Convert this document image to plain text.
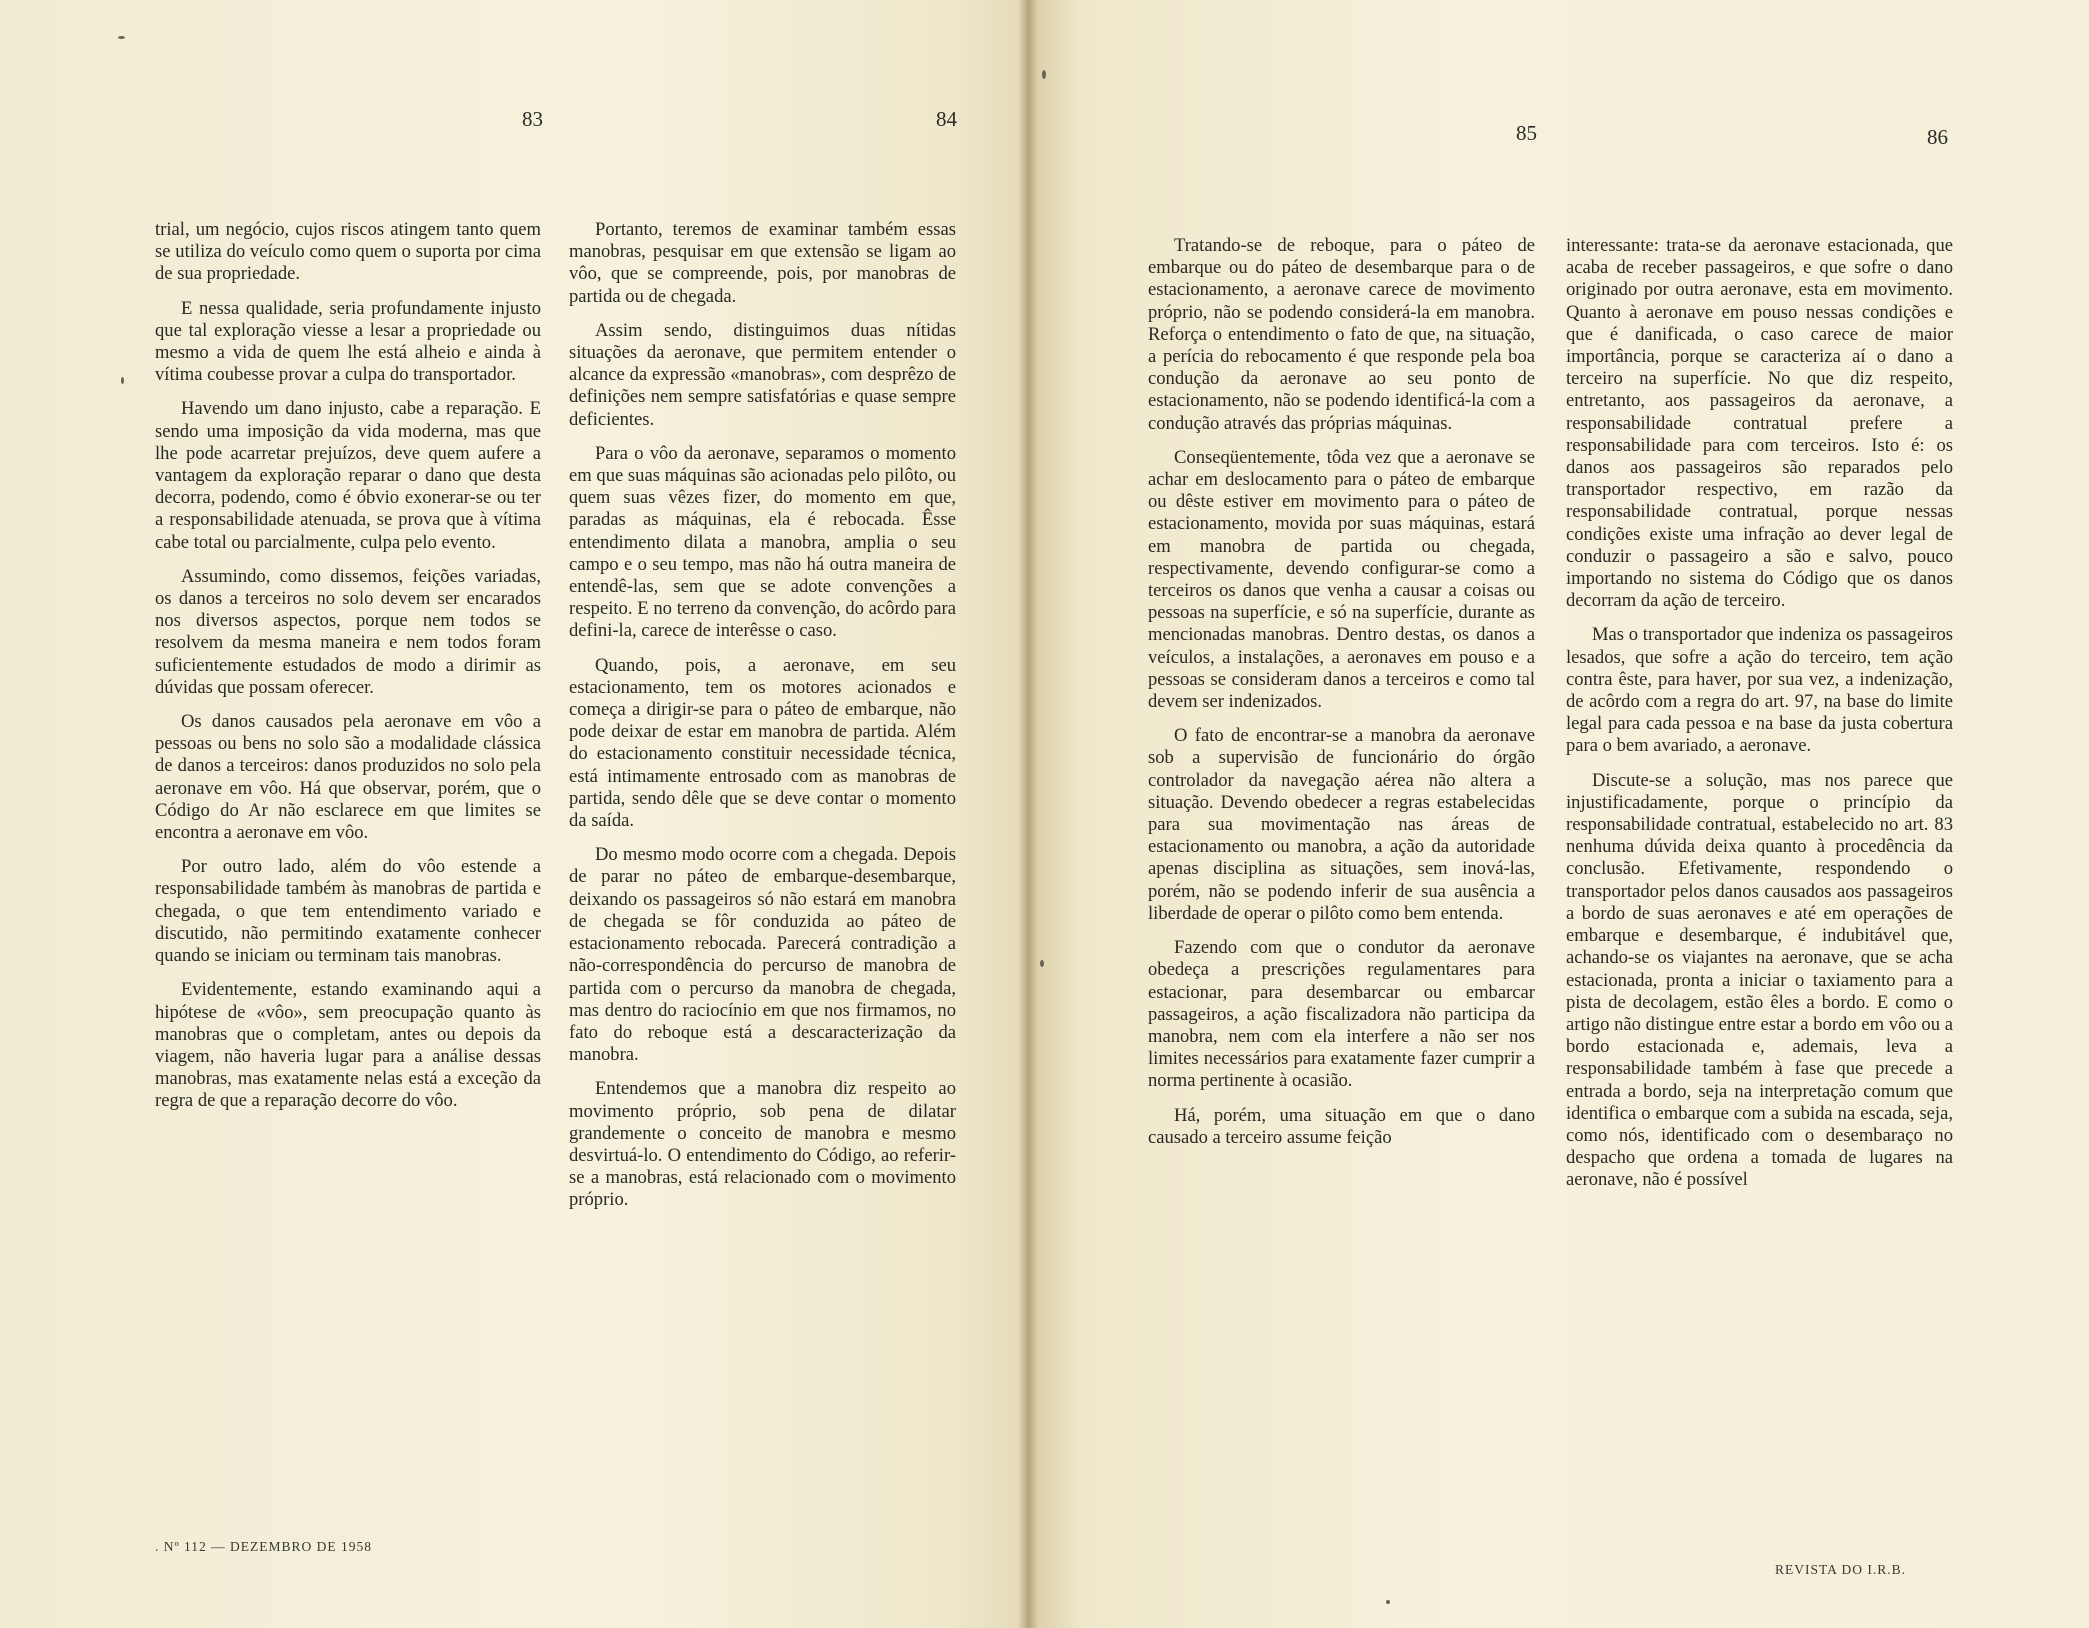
83	84

trial, um negócio, cujos riscos atingem tanto quem se utiliza do veículo como quem o suporta por cima de sua propriedade.

E nessa qualidade, seria profundamente injusto que tal exploração viesse a lesar a propriedade ou mesmo a vida de quem lhe está alheio e ainda à vítima coubesse provar a culpa do transportador.

Havendo um dano injusto, cabe a reparação. E sendo uma imposição da vida moderna, mas que lhe pode acarretar prejuízos, deve quem aufere a vantagem da exploração reparar o dano que desta decorra, podendo, como é óbvio exonerar-se ou ter a responsabilidade atenuada, se prova que à vítima cabe total ou parcialmente, culpa pelo evento.

Assumindo, como dissemos, feições variadas, os danos a terceiros no solo devem ser encarados nos diversos aspectos, porque nem todos se resolvem da mesma maneira e nem todos foram suficientemente estudados de modo a dirimir as dúvidas que possam oferecer.

Os danos causados pela aeronave em vôo a pessoas ou bens no solo são a modalidade clássica de danos a terceiros: danos produzidos no solo pela aeronave em vôo. Há que observar, porém, que o Código do Ar não esclarece em que limites se encontra a aeronave em vôo.

Por outro lado, além do vôo estende a responsabilidade também às manobras de partida e chegada, o que tem entendimento variado e discutido, não permitindo exatamente conhecer quando se iniciam ou terminam tais manobras.

Evidentemente, estando examinando aqui a hipótese de «vôo», sem preocupação quanto às manobras que o completam, antes ou depois da viagem, não haveria lugar para a análise dessas manobras, mas exatamente nelas está a exceção da regra de que a reparação decorre do vôo.

Portanto, teremos de examinar também essas manobras, pesquisar em que extensão se ligam ao vôo, que se compreende, pois, por manobras de partida ou de chegada.

Assim sendo, distinguimos duas nítidas situações da aeronave, que permitem entender o alcance da expressão «manobras», com desprêzo de definições nem sempre satisfatórias e quase sempre deficientes.

Para o vôo da aeronave, separamos o momento em que suas máquinas são acionadas pelo pilôto, ou quem suas vêzes fizer, do momento em que, paradas as máquinas, ela é rebocada. Êsse entendimento dilata a manobra, amplia o seu campo e o seu tempo, mas não há outra maneira de entendê-las, sem que se adote convenções a respeito. E no terreno da convenção, do acôrdo para defini-la, carece de interêsse o caso.

Quando, pois, a aeronave, em seu estacionamento, tem os motores acionados e começa a dirigir-se para o páteo de embarque, não pode deixar de estar em manobra de partida. Além do estacionamento constituir necessidade técnica, está intimamente entrosado com as manobras de partida, sendo dêle que se deve contar o momento da saída.

Do mesmo modo ocorre com a chegada. Depois de parar no páteo de embarque-desembarque, deixando os passageiros só não estará em manobra de chegada se fôr conduzida ao páteo de estacionamento rebocada. Parecerá contradição a não-correspondência do percurso de manobra de partida com o percurso da manobra de chegada, mas dentro do raciocínio em que nos firmamos, no fato do reboque está a descaracterização da manobra.

Entendemos que a manobra diz respeito ao movimento próprio, sob pena de dilatar grandemente o conceito de manobra e mesmo desvirtuá-lo. O entendimento do Código, ao referir-se a manobras, está relacionado com o movimento próprio.

. Nº 112 — DEZEMBRO DE 1958
85	86

Tratando-se de reboque, para o páteo de embarque ou do páteo de desembarque para o de estacionamento, a aeronave carece de movimento próprio, não se podendo considerá-la em manobra. Reforça o entendimento o fato de que, na situação, a perícia do rebocamento é que responde pela boa condução da aeronave ao seu ponto de estacionamento, não se podendo identificá-la com a condução através das próprias máquinas.

Conseqüentemente, tôda vez que a aeronave se achar em deslocamento para o páteo de embarque ou dêste estiver em movimento para o páteo de estacionamento, movida por suas máquinas, estará em manobra de partida ou chegada, respectivamente, devendo configurar-se como a terceiros os danos que venha a causar a coisas ou pessoas na superfície, e só na superfície, durante as mencionadas manobras. Dentro destas, os danos a veículos, a instalações, a aeronaves em pouso e a pessoas se consideram danos a terceiros e como tal devem ser indenizados.

O fato de encontrar-se a manobra da aeronave sob a supervisão de funcionário do órgão controlador da navegação aérea não altera a situação. Devendo obedecer a regras estabelecidas para sua movimentação nas áreas de estacionamento ou manobra, a ação da autoridade apenas disciplina as situações, sem inová-las, porém, não se podendo inferir de sua ausência a liberdade de operar o pilôto como bem entenda.

Fazendo com que o condutor da aeronave obedeça a prescrições regulamentares para estacionar, para desembarcar ou embarcar passageiros, a ação fiscalizadora não participa da manobra, nem com ela interfere a não ser nos limites necessários para exatamente fazer cumprir a norma pertinente à ocasião.

Há, porém, uma situação em que o dano causado a terceiro assume feição

interessante: trata-se da aeronave estacionada, que acaba de receber passageiros, e que sofre o dano originado por outra aeronave, esta em movimento. Quanto à aeronave em pouso nessas condições e que é danificada, o caso carece de maior importância, porque se caracteriza aí o dano a terceiro na superfície. No que diz respeito, entretanto, aos passageiros da aeronave, a responsabilidade contratual prefere a responsabilidade para com terceiros. Isto é: os danos aos passageiros são reparados pelo transportador respectivo, em razão da responsabilidade contratual, porque nessas condições existe uma infração ao dever legal de conduzir o passageiro a são e salvo, pouco importando no sistema do Código que os danos decorram da ação de terceiro.

Mas o transportador que indeniza os passageiros lesados, que sofre a ação do terceiro, tem ação contra êste, para haver, por sua vez, a indenização, de acôrdo com a regra do art. 97, na base do limite legal para cada pessoa e na base da justa cobertura para o bem avariado, a aeronave.

Discute-se a solução, mas nos parece que injustificadamente, porque o princípio da responsabilidade contratual, estabelecido no art. 83 nenhuma dúvida deixa quanto à procedência da conclusão. Efetivamente, respondendo o transportador pelos danos causados aos passageiros a bordo de suas aeronaves e até em operações de embarque e desembarque, é indubitável que, achando-se os viajantes na aeronave, que se acha estacionada, pronta a iniciar o taxiamento para a pista de decolagem, estão êles a bordo. E como o artigo não distingue entre estar a bordo em vôo ou a bordo estacionada e, ademais, leva a responsabilidade também à fase que precede a entrada a bordo, seja na interpretação comum que identifica o embarque com a subida na escada, seja, como nós, identificado com o desembaraço no despacho que ordena a tomada de lugares na aeronave, não é possível

REVISTA DO I.R.B.
